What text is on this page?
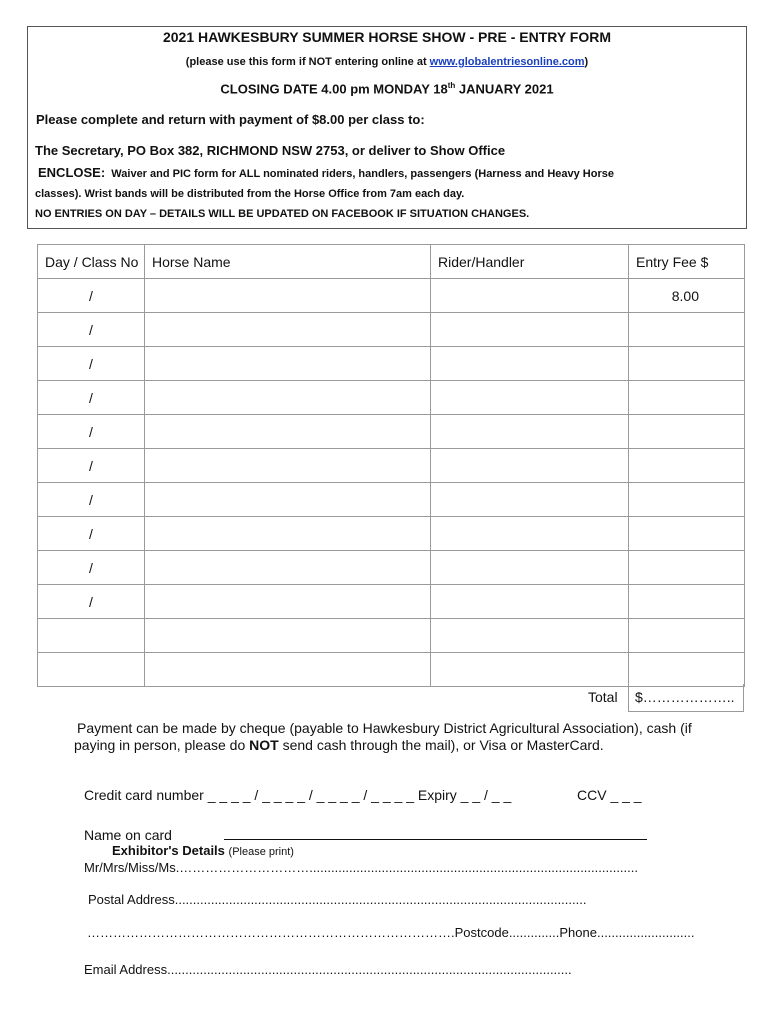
2021 HAWKESBURY SUMMER HORSE SHOW - PRE - ENTRY FORM
(please use this form if NOT entering online at www.globalentriesonline.com)
CLOSING DATE 4.00 pm MONDAY 18th JANUARY 2021
Please complete and return with payment of $8.00 per class to:
The Secretary, PO Box 382, RICHMOND NSW 2753, or deliver to Show Office
ENCLOSE: Waiver and PIC form for ALL nominated riders, handlers, passengers (Harness and Heavy Horse
classes). Wrist bands will be distributed from the Horse Office from 7am each day.
NO ENTRIES ON DAY – DETAILS WILL BE UPDATED ON FACEBOOK IF SITUATION CHANGES.
Day / Class No	Horse Name	Rider/Handler	Entry Fee $
/			8.00
/			
/			
/			
/			
/			
/			
/			
/			
/			

Total	$………………..
Payment can be made by cheque (payable to Hawkesbury District Agricultural Association), cash (if
paying in person, please do NOT send cash through the mail), or Visa or MasterCard.
Credit card number _ _ _ _ / _ _ _ _ / _ _ _ _ / _ _ _ _ Expiry _ _ / _ _	CCV _ _ _
Name on card
Exhibitor's Details (Please print)
Mr/Mrs/Miss/Ms.…………………………...........................................................................................
Postal Address..................................................................................................................
………………………………………………………………………….Postcode..............Phone...........................
Email Address................................................................................................................
